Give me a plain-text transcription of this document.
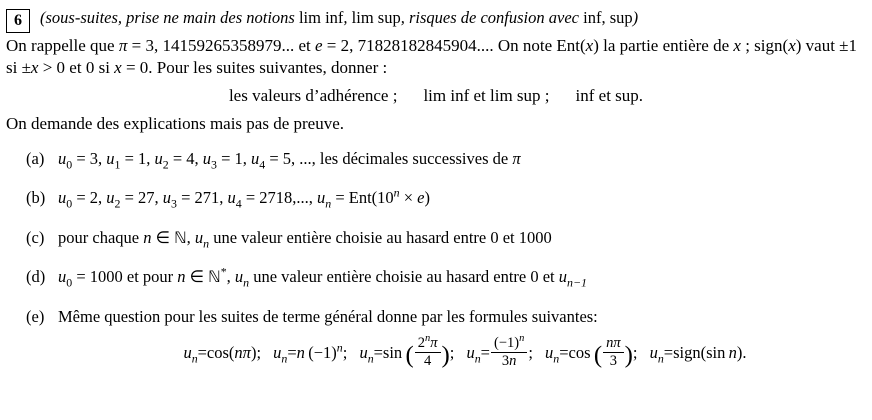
6	(sous-suites, prise ne main des notions lim inf, lim sup, risques de confusion avec inf, sup)
On rappelle que π = 3, 14159265358979... et e = 2, 71828182845904.... On note Ent(x) la partie entière de x ; sign(x) vaut ±1 si ±x > 0 et 0 si x = 0. Pour les suites suivantes, donner :
les valeurs d’adhérence ; lim inf et lim sup ; inf et sup.
On demande des explications mais pas de preuve.
(a) $u_0 = 3$, $u_1 = 1$, $u_2 = 4$, $u_3 = 1$, $u_4 = 5$, ..., les décimales successives de π
(b) $u_0 = 2$, $u_2 = 27$, $u_3 = 271$, $u_4 = 2718$,..., $u_n = Ent(10^n \times e)$
(c) pour chaque n ∈ ℕ, $u_n$ une valeur entière choisie au hasard entre 0 et 1000
(d) $u_0 = 1000$ et pour n ∈ ℕ*, $u_n$ une valeur entière choisie au hasard entre 0 et $u_{n-1}$
(e) Même question pour les suites de terme général donne par les formules suivantes:
$u_n=\cos(n\pi)$; $u_n=n$ $(-1)^n$; $u_n=\sin$ ( $\frac{2^n\pi}{4}$ ); $u_n= \frac{(-1)^n}{3n}$ ; $u_n=\cos$ ( $\frac{n\pi}{3}$ ); $u_n=sign(\sin$ n).
